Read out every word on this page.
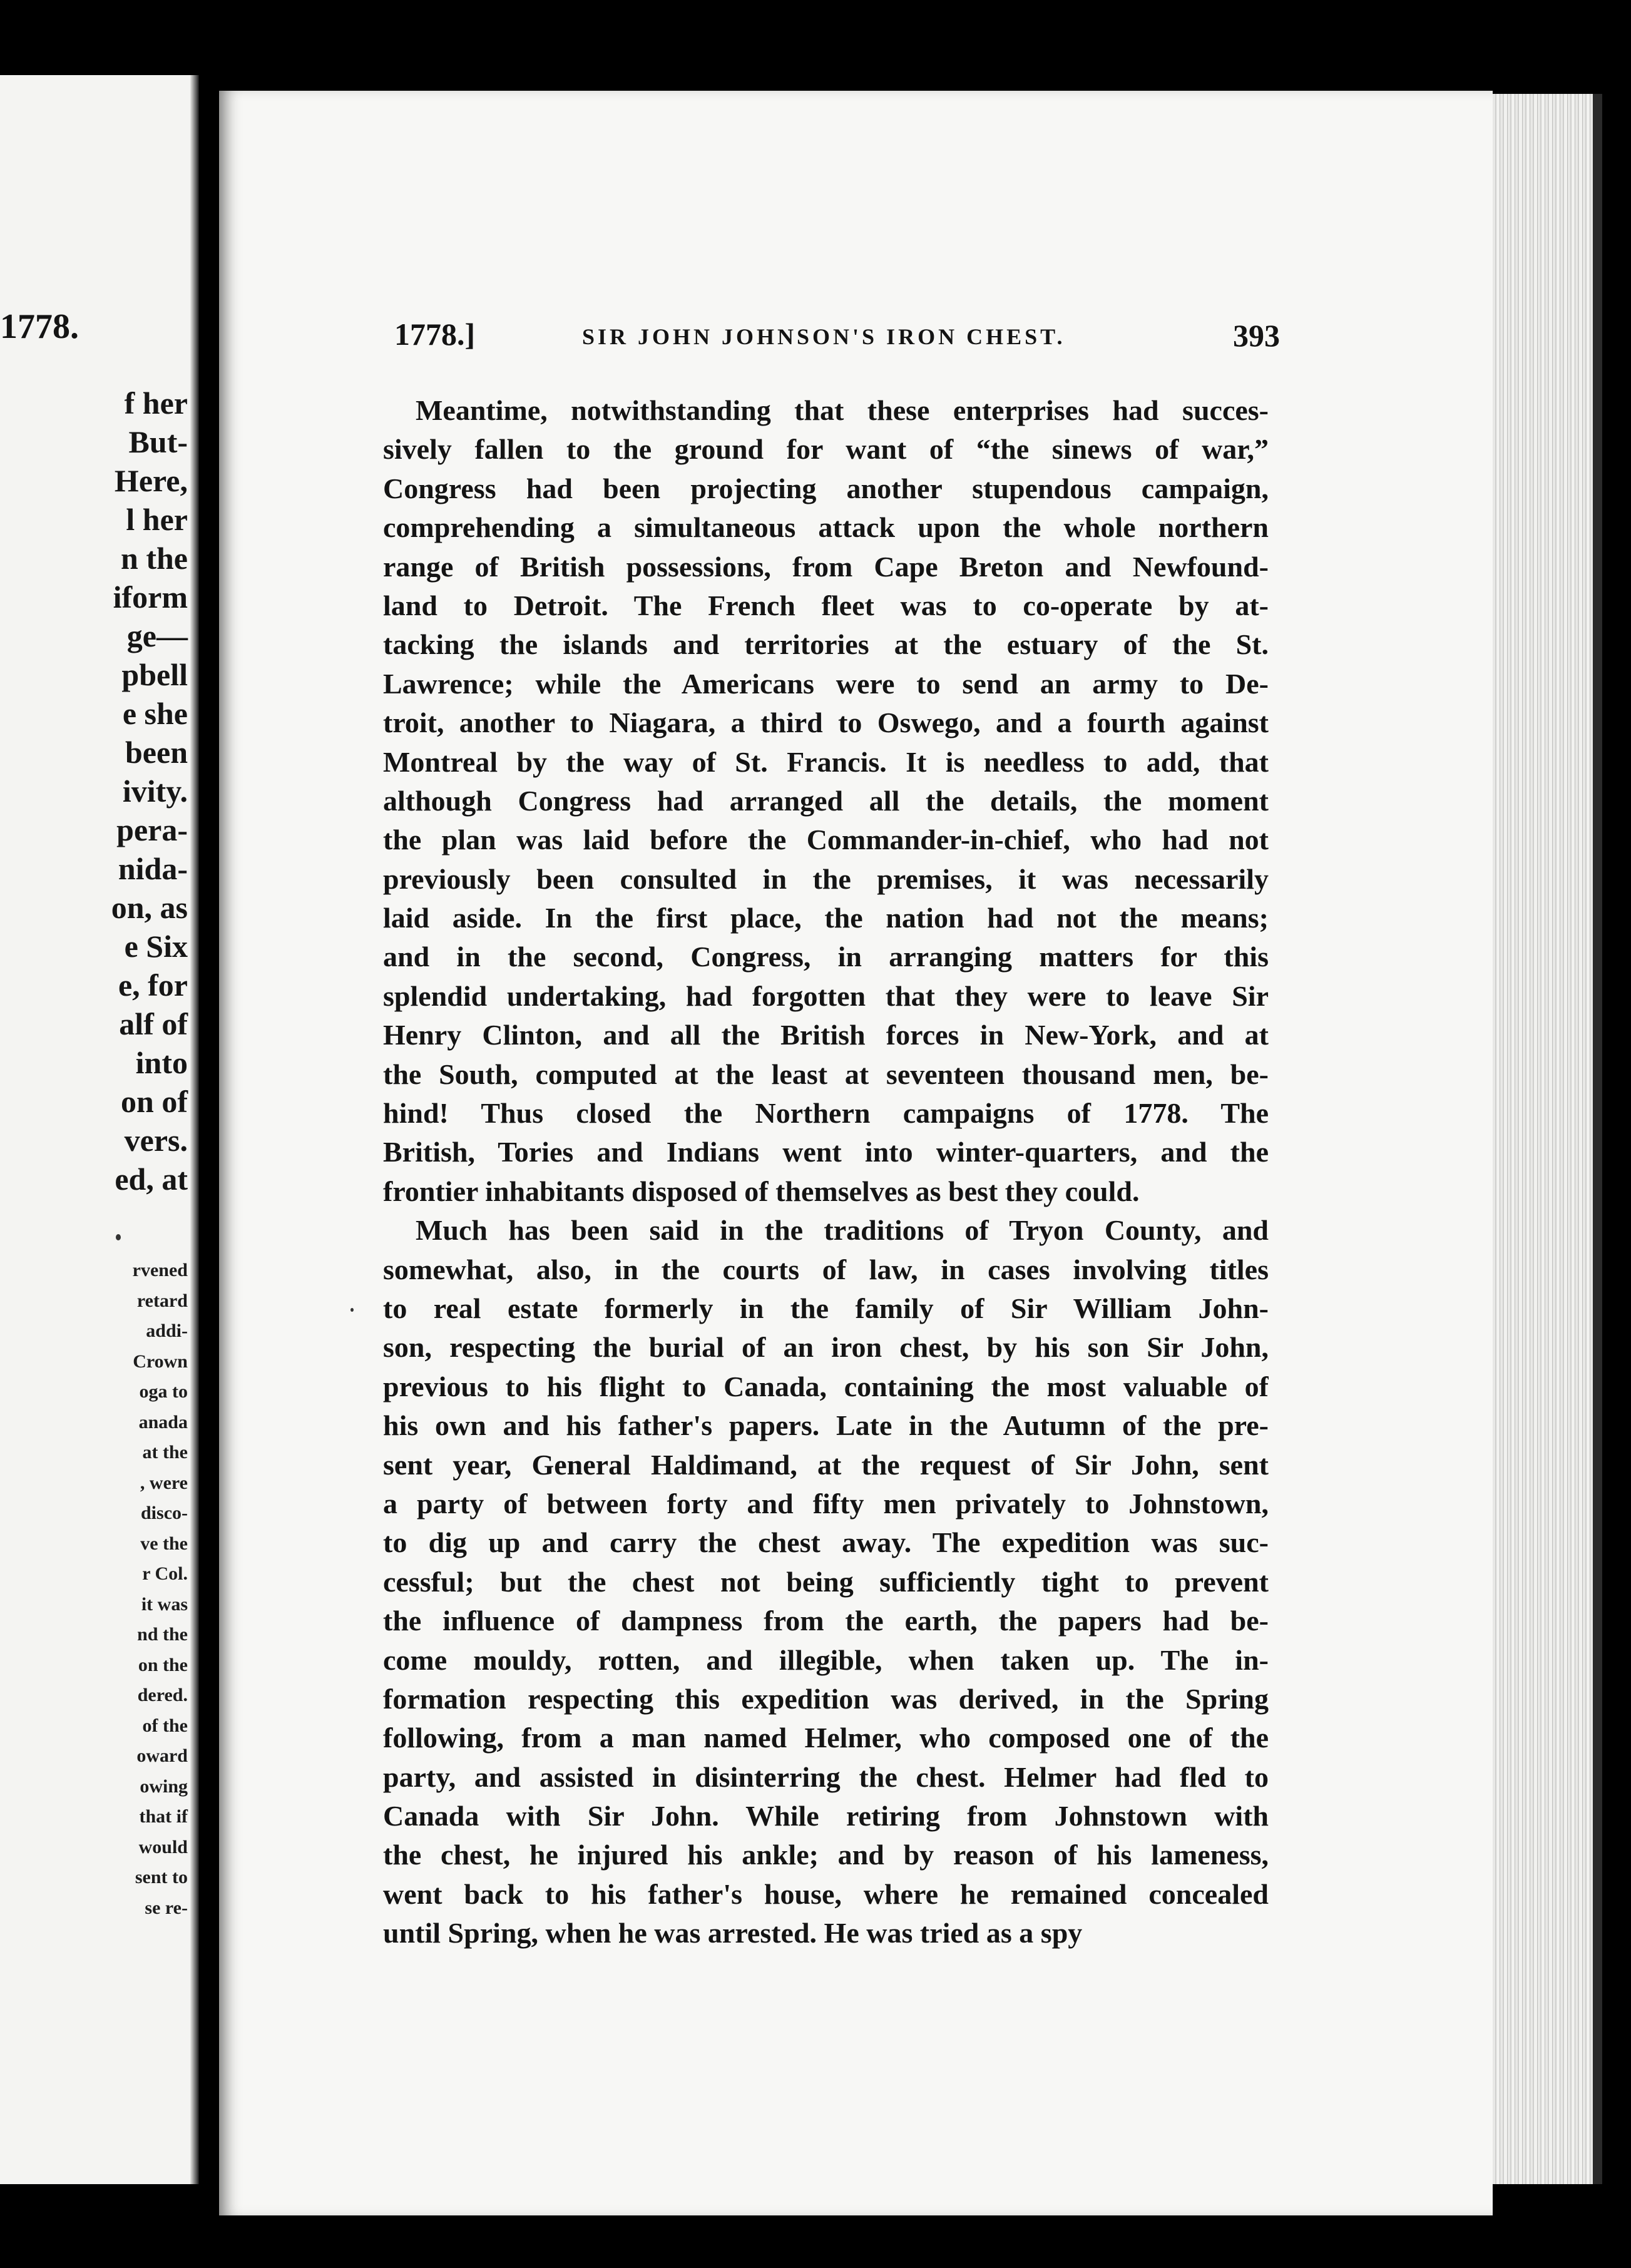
1778.
f her
But-
Here,
l her
n the
iform
ge—
pbell
e she
been
ivity.
pera-
nida-
on, as
e Six
e, for
alf of
into
on of
vers.
ed, at
rvened
retard
addi-
Crown
oga to
anada
at the
, were
disco-
ve the
r Col.
it was
nd the
on the
dered.
of the
oward
owing
that if
would
sent to
se re-
1778.]	SIR JOHN JOHNSON'S IRON CHEST.	393
Meantime, notwithstanding that these enterprises had succes-
sively fallen to the ground for want of “the sinews of war,”
Congress had been projecting another stupendous campaign,
comprehending a simultaneous attack upon the whole northern
range of British possessions, from Cape Breton and Newfound-
land to Detroit. The French fleet was to co-operate by at-
tacking the islands and territories at the estuary of the St.
Lawrence; while the Americans were to send an army to De-
troit, another to Niagara, a third to Oswego, and a fourth against
Montreal by the way of St. Francis. It is needless to add, that
although Congress had arranged all the details, the moment
the plan was laid before the Commander-in-chief, who had not
previously been consulted in the premises, it was necessarily
laid aside. In the first place, the nation had not the means;
and in the second, Congress, in arranging matters for this
splendid undertaking, had forgotten that they were to leave Sir
Henry Clinton, and all the British forces in New-York, and at
the South, computed at the least at seventeen thousand men, be-
hind! Thus closed the Northern campaigns of 1778. The
British, Tories and Indians went into winter-quarters, and the
frontier inhabitants disposed of themselves as best they could.
Much has been said in the traditions of Tryon County, and
somewhat, also, in the courts of law, in cases involving titles
to real estate formerly in the family of Sir William John-
son, respecting the burial of an iron chest, by his son Sir John,
previous to his flight to Canada, containing the most valuable of
his own and his father's papers. Late in the Autumn of the pre-
sent year, General Haldimand, at the request of Sir John, sent
a party of between forty and fifty men privately to Johnstown,
to dig up and carry the chest away. The expedition was suc-
cessful; but the chest not being sufficiently tight to prevent
the influence of dampness from the earth, the papers had be-
come mouldy, rotten, and illegible, when taken up. The in-
formation respecting this expedition was derived, in the Spring
following, from a man named Helmer, who composed one of the
party, and assisted in disinterring the chest. Helmer had fled to
Canada with Sir John. While retiring from Johnstown with
the chest, he injured his ankle; and by reason of his lameness,
went back to his father's house, where he remained concealed
until Spring, when he was arrested. He was tried as a spy
